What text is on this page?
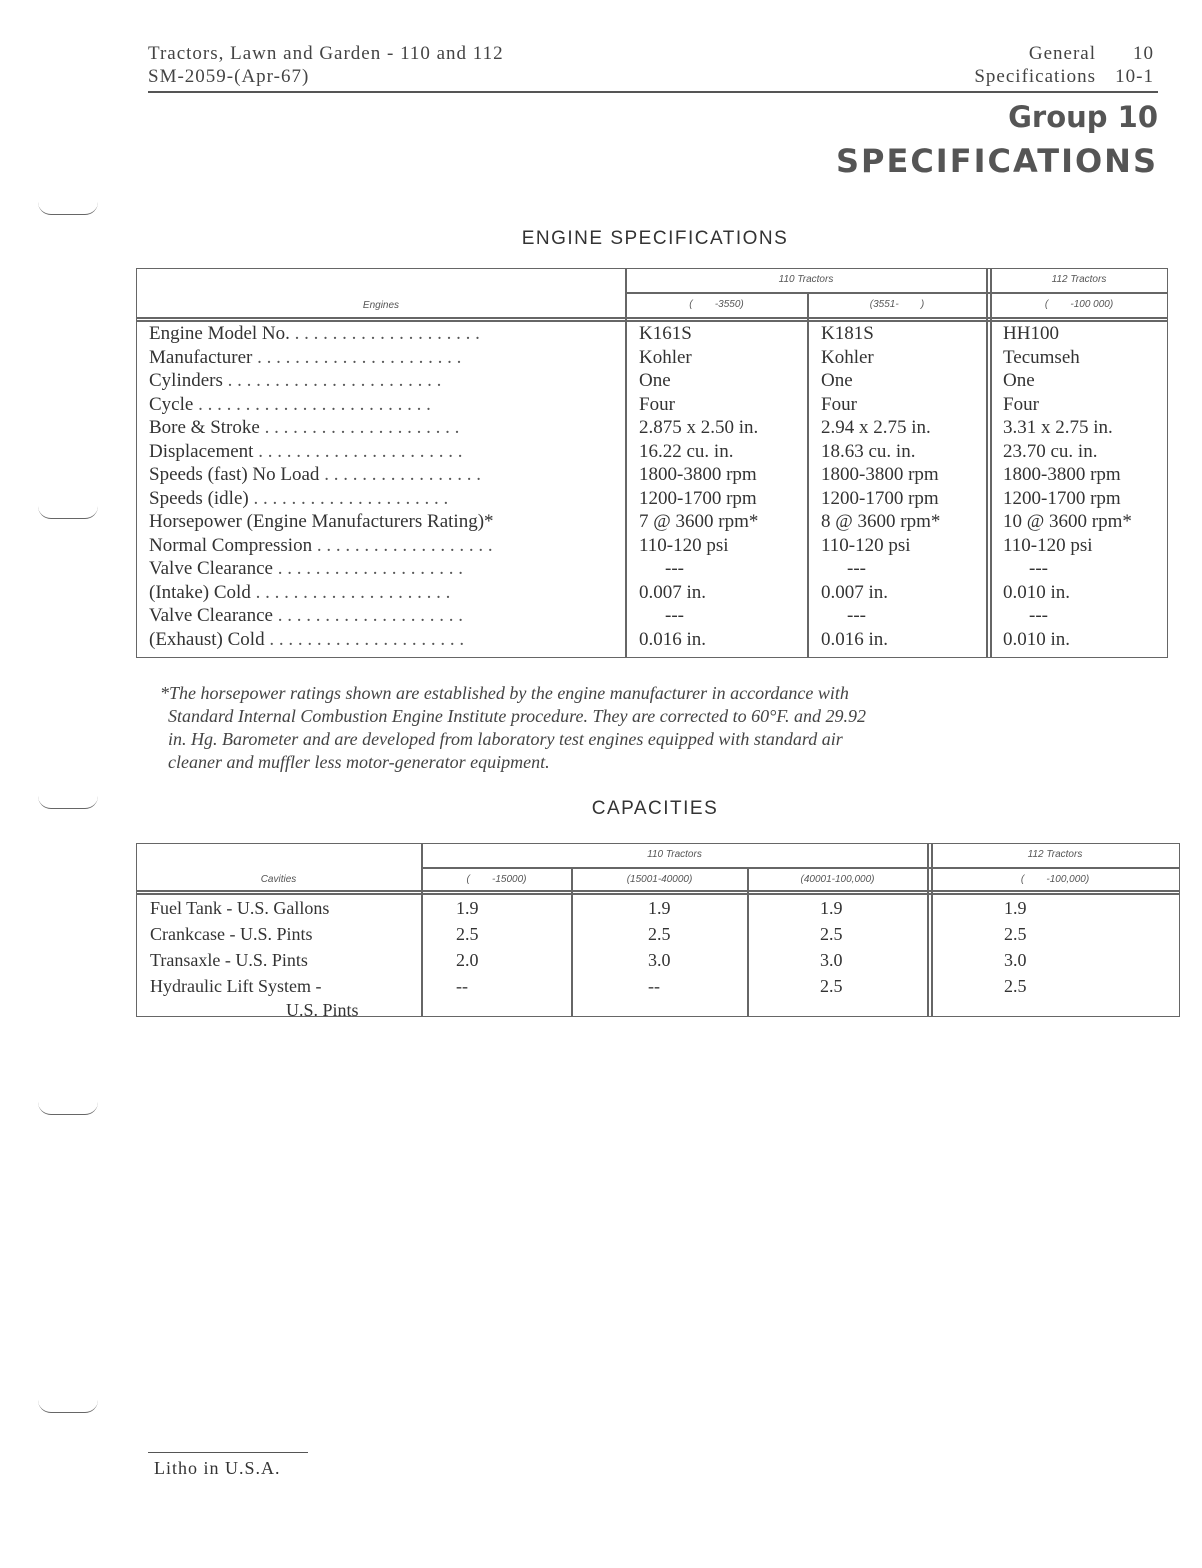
Tractors, Lawn and Garden - 110 and 112
SM-2059-(Apr-67)
General 10
Specifications 10-1
Group 10
SPECIFICATIONS
ENGINE SPECIFICATIONS
Engines
110 Tractors	112 Tractors
(        -3550)	(3551-        )	(        -100 000)
Engine Model No. . . . . . . . . . . . . . . . . . . . .	K161S	K181S	HH100
Manufacturer . . . . . . . . . . . . . . . . . . . . . .	Kohler	Kohler	Tecumseh
Cylinders . . . . . . . . . . . . . . . . . . . . . . .	One	One	One
Cycle . . . . . . . . . . . . . . . . . . . . . . . . .	Four	Four	Four
Bore & Stroke . . . . . . . . . . . . . . . . . . . . .	2.875 x 2.50 in.	2.94 x 2.75 in.	3.31 x 2.75 in.
Displacement . . . . . . . . . . . . . . . . . . . . . .	16.22 cu. in.	18.63 cu. in.	23.70 cu. in.
Speeds (fast) No Load . . . . . . . . . . . . . . . . .	1800-3800 rpm	1800-3800 rpm	1800-3800 rpm
Speeds (idle) . . . . . . . . . . . . . . . . . . . . .	1200-1700 rpm	1200-1700 rpm	1200-1700 rpm
Horsepower (Engine Manufacturers Rating)*	7 @ 3600 rpm*	8 @ 3600 rpm*	10 @ 3600 rpm*
Normal Compression . . . . . . . . . . . . . . . . . . .	110-120 psi	110-120 psi	110-120 psi
Valve Clearance . . . . . . . . . . . . . . . . . . . .	---	---	---
(Intake) Cold . . . . . . . . . . . . . . . . . . . . .	0.007 in.	0.007 in.	0.010 in.
Valve Clearance . . . . . . . . . . . . . . . . . . . .	---	---	---
(Exhaust) Cold . . . . . . . . . . . . . . . . . . . . .	0.016 in.	0.016 in.	0.010 in.
*The horsepower ratings shown are established by the engine manufacturer in accordance with
Standard Internal Combustion Engine Institute procedure. They are corrected to 60°F. and 29.92
in. Hg. Barometer and are developed from laboratory test engines equipped with standard air
cleaner and muffler less motor-generator equipment.
CAPACITIES
Cavities
110 Tractors	112 Tractors
(        -15000)	(15001-40000)	(40001-100,000)	(        -100,000)
Fuel Tank - U.S. Gallons	1.9	1.9	1.9	1.9

Crankcase - U.S. Pints	2.5	2.5	2.5	2.5

Transaxle - U.S. Pints	2.0	3.0	3.0	3.0

Hydraulic Lift System -
U.S. Pints	--	--	2.5	2.5
Litho in U.S.A.
